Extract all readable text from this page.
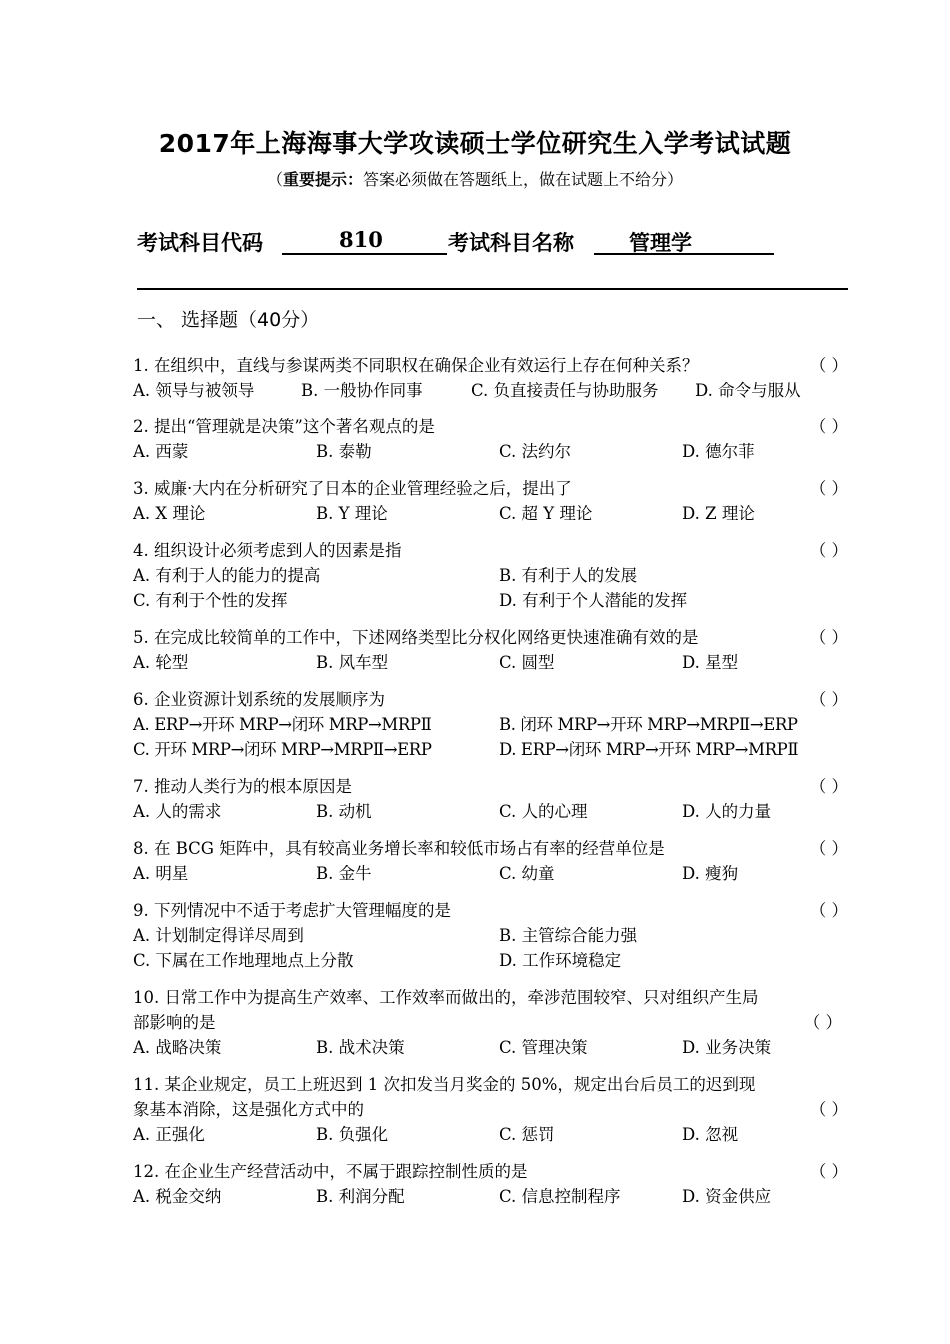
2017年上海海事大学攻读硕士学位研究生入学考试试题
（重要提示：答案必须做在答题纸上，做在试题上不给分）
考试科目代码	810	考试科目名称	管理学
一、 选择题（40分）
1. 在组织中，直线与参谋两类不同职权在确保企业有效运行上存在何种关系？	（ ）
A. 领导与被领导	B. 一般协作同事	C. 负直接责任与协助服务 D. 命令与服从
2. 提出“管理就是决策”这个著名观点的是	（ ）
A. 西蒙	B. 泰勒	C. 法约尔	D. 德尔菲
3. 威廉·大内在分析研究了日本的企业管理经验之后，提出了	（ ）
A. X 理论	B. Y 理论	C. 超 Y 理论	D. Z 理论
4. 组织设计必须考虑到人的因素是指	（ ）
A. 有利于人的能力的提高	B. 有利于人的发展
C. 有利于个性的发挥	D. 有利于个人潜能的发挥
5. 在完成比较简单的工作中，下述网络类型比分权化网络更快速准确有效的是	（ ）
A. 轮型	B. 风车型	C. 圆型	D. 星型
6. 企业资源计划系统的发展顺序为	（ ）
A. ERP→开环 MRP→闭环 MRP→MRPⅡ	B. 闭环 MRP→开环 MRP→MRPⅡ→ERP
C. 开环 MRP→闭环 MRP→MRPⅡ→ERP	D. ERP→闭环 MRP→开环 MRP→MRPⅡ
7. 推动人类行为的根本原因是	（ ）
A. 人的需求	B. 动机	C. 人的心理	D. 人的力量
8. 在 BCG 矩阵中，具有较高业务增长率和较低市场占有率的经营单位是	（ ）
A. 明星	B. 金牛	C. 幼童	D. 瘦狗
9. 下列情况中不适于考虑扩大管理幅度的是	（ ）
A. 计划制定得详尽周到	B. 主管综合能力强
C. 下属在工作地理地点上分散	D. 工作环境稳定
10. 日常工作中为提高生产效率、工作效率而做出的，牵涉范围较窄、只对组织产生局
部影响的是	（ ）
A. 战略决策	B. 战术决策	C. 管理决策	D. 业务决策
11. 某企业规定，员工上班迟到 1 次扣发当月奖金的 50%，规定出台后员工的迟到现
象基本消除，这是强化方式中的	（ ）
A. 正强化	B. 负强化	C. 惩罚	D. 忽视
12. 在企业生产经营活动中，不属于跟踪控制性质的是	（ ）
A. 税金交纳	B. 利润分配	C. 信息控制程序	D. 资金供应
